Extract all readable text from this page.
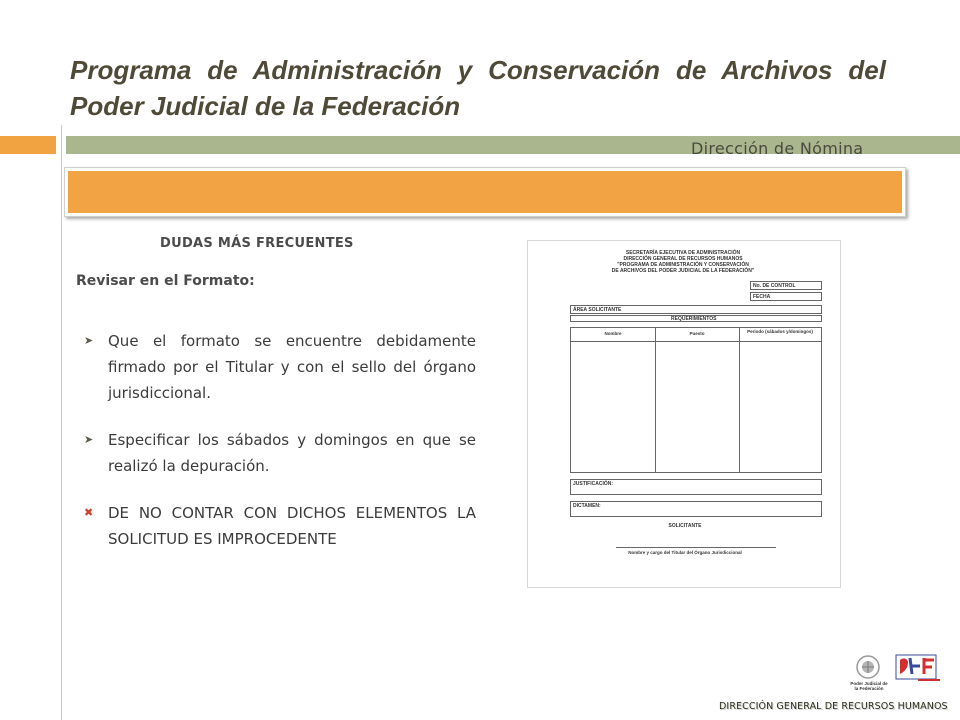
Programa de Administración y Conservación de Archivos del Poder Judicial de la Federación
Dirección de Nómina
DUDAS MÁS FRECUENTES
Revisar en el Formato:
➤ Que el formato se encuentre debidamente firmado por el Titular y con el sello del órgano jurisdiccional.
➤ Especificar los sábados y domingos en que se realizó la depuración.
✖ DE NO CONTAR CON DICHOS ELEMENTOS LA SOLICITUD ES IMPROCEDENTE
SECRETARÍA EJECUTIVA DE ADMINISTRACIÓN
DIRECCIÓN GENERAL DE RECURSOS HUMANOS
"PROGRAMA DE ADMINISTRACIÓN Y CONSERVACIÓN
DE ARCHIVOS DEL PODER JUDICIAL DE LA FEDERACIÓN"
No. DE CONTROL
FECHA
ÁREA SOLICITANTE
REQUERIMIENTOS
Nombre	Puesto	Periodo (sábados y/domingos)
JUSTIFICACIÓN:
DICTAMEN:
SOLICITANTE
Nombre y cargo del Titular del Órgano Jurisdiccional
Poder Judicial de la Federación
DIRECCIÓN GENERAL DE RECURSOS HUMANOS
